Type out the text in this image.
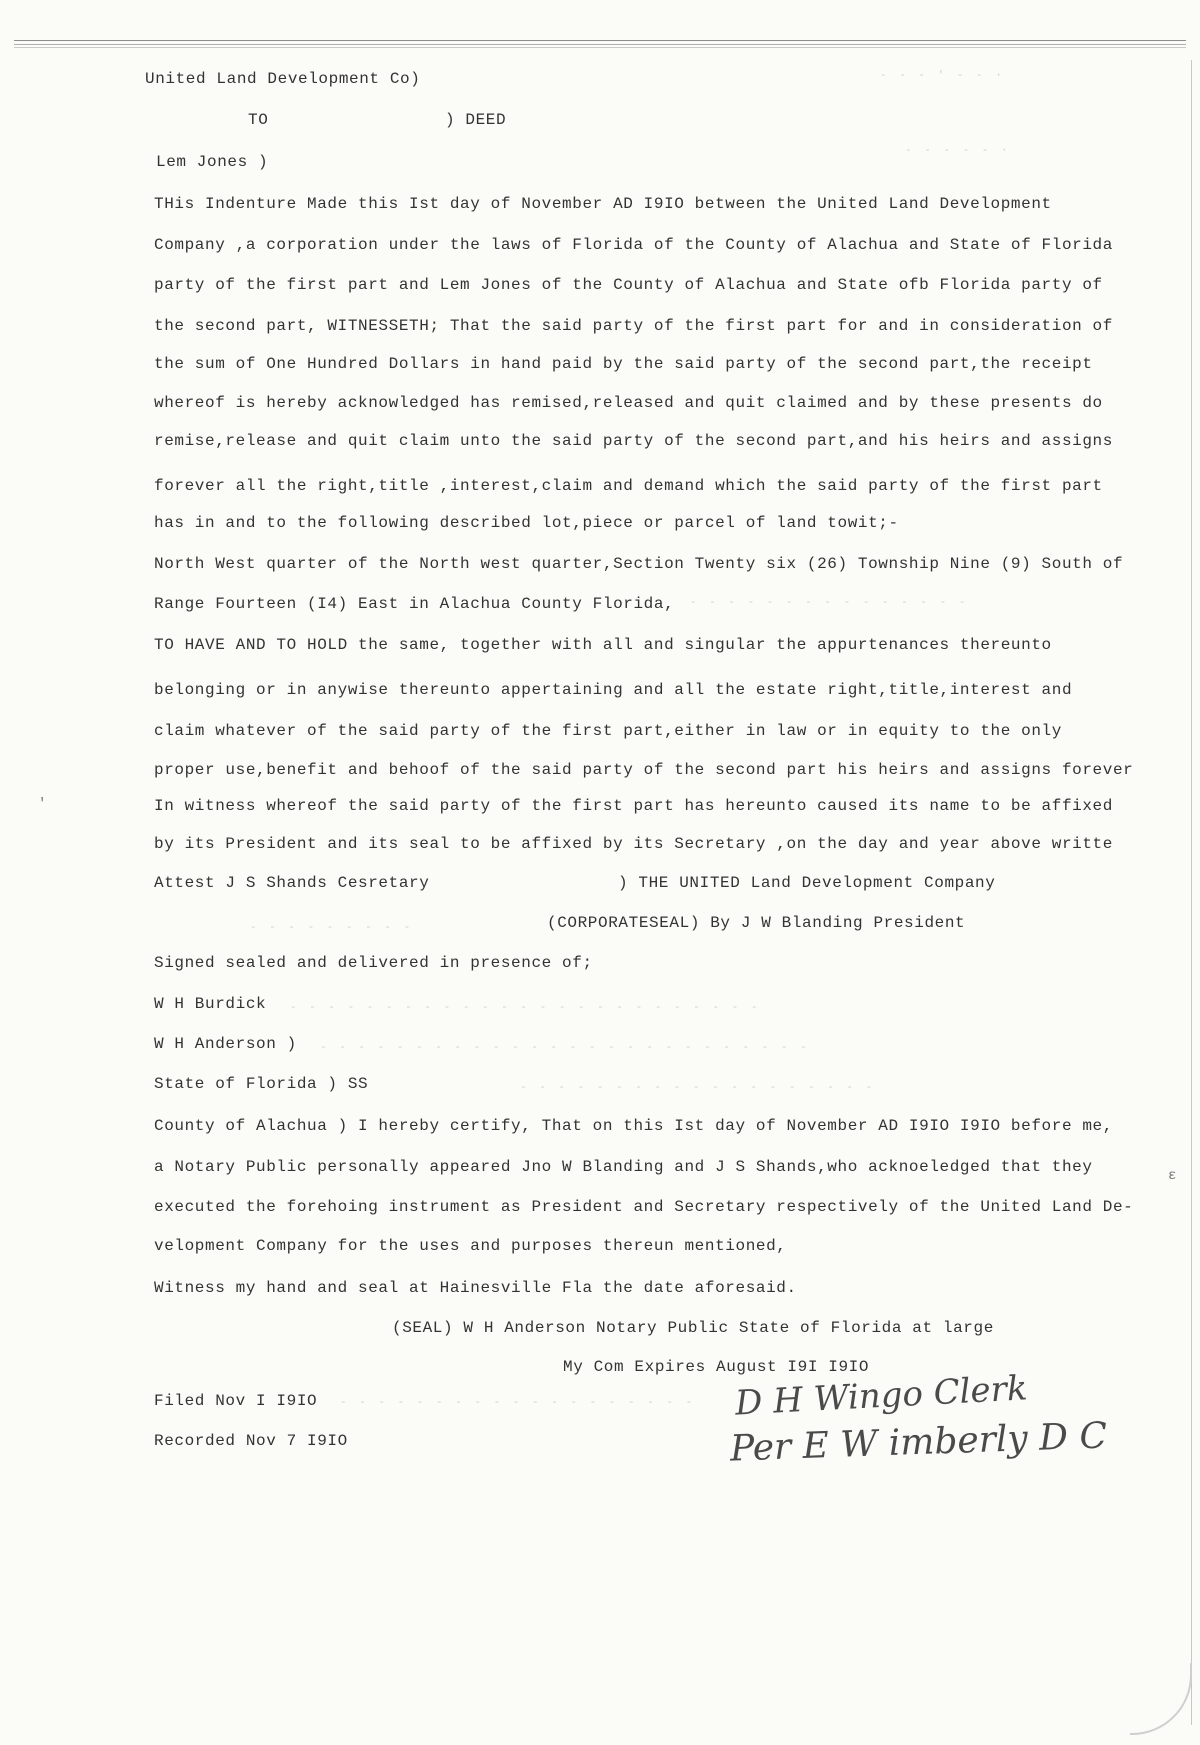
- - - ' - - ·
- - - - - ·
- - - - - - - - - - - - - - -
- - - - - - - - -
- - - - - - - - - - - - - - - - - - - - - - - - -
- - - - - - - - - - - - - - - - - - - - - - - - - -
- - - - - - - - - - - - - - - - - - -
- - - - - - - - - - - - - - - - - - -
'
ɛ
United Land Development Co)
TO	) DEED
Lem Jones )
THis Indenture Made this Ist day of November AD I9IO between the United Land Development
Company ,a corporation under the laws of Florida of the County of Alachua and State of Florida
party of the first part and Lem Jones of the County of Alachua and State ofb Florida party of
the second part, WITNESSETH; That the said party of the first part for and in consideration of
the sum of One Hundred Dollars in hand paid by the said party of the second part,the receipt
whereof is hereby acknowledged has remised,released and quit claimed and by these presents do
remise,release and quit claim unto the said party of the second part,and his heirs and assigns
forever all the right,title ,interest,claim and demand which the said party of the first part
has in and to the following described lot,piece or parcel of land towit;-
North West quarter of the North west quarter,Section Twenty six (26) Township Nine (9) South of
Range Fourteen (I4) East in Alachua County Florida,
TO HAVE AND TO HOLD the same, together with all and singular the appurtenances thereunto
belonging or in anywise thereunto appertaining and all the estate right,title,interest and
claim whatever of the said party of the first part,either in law or in equity to the only
proper use,benefit and behoof of the said party of the second part his heirs and assigns forever
In witness whereof the said party of the first part has hereunto caused its name to be affixed
by its President and its seal to be affixed by its Secretary ,on the day and year above writte
Attest J S Shands Cesretary	) THE UNITED Land Development Company
(CORPORATESEAL) By J W Blanding President
Signed sealed and delivered in presence of;
W H Burdick
W H Anderson )
State of Florida ) SS
County of Alachua ) I hereby certify, That on this Ist day of November AD I9IO I9IO before me,
a Notary Public personally appeared Jno W Blanding and J S Shands,who acknoeledged that they
executed the forehoing instrument as President and Secretary respectively of the United Land De-
velopment Company for the uses and purposes thereun mentioned,
Witness my hand and seal at Hainesville Fla the date aforesaid.
(SEAL) W H Anderson Notary Public State of Florida at large
My Com Expires August I9I I9IO
Filed Nov I I9IO
Recorded Nov 7 I9IO
D H Wingo Clerk
Per E W imberly D C
